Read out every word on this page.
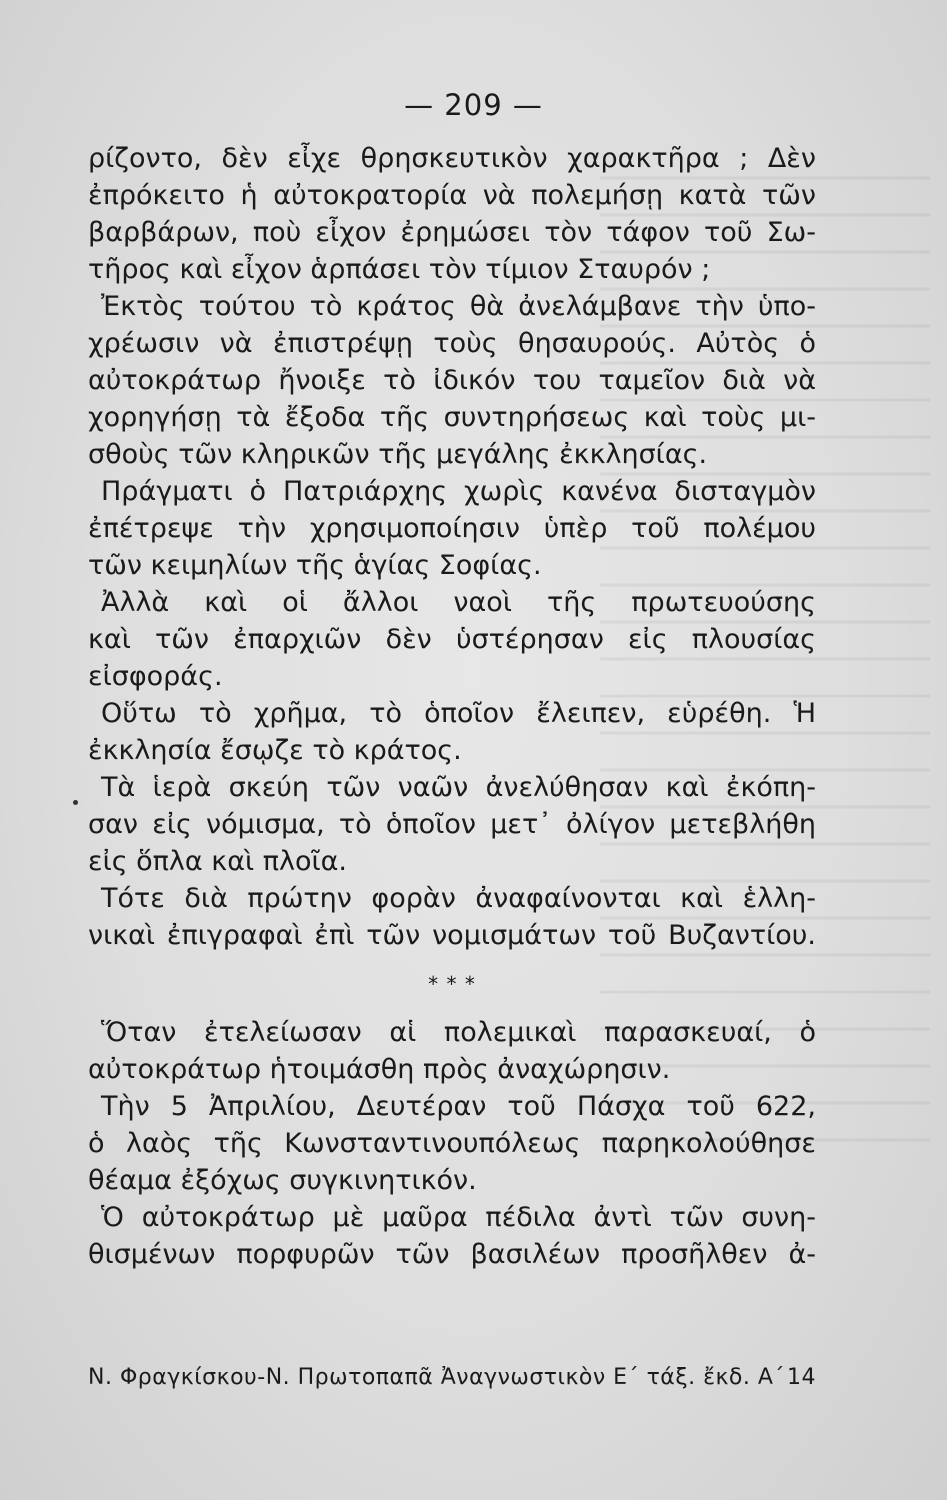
— 209 —
ρίζοντο, δὲν εἶχε θρησκευτικὸν χαρακτῆρα ; Δὲν
ἐπρόκειτο ἡ αὐτοκρατορία νὰ πολεμήσῃ κατὰ τῶν
βαρβάρων, ποὺ εἶχον ἐρημώσει τὸν τάφον τοῦ Σω-
τῆρος καὶ εἶχον ἁρπάσει τὸν τίμιον Σταυρόν ;
Ἐκτὸς τούτου τὸ κράτος θὰ ἀνελάμβανε τὴν ὑπο-
χρέωσιν νὰ ἐπιστρέψῃ τοὺς θησαυρούς. Αὐτὸς ὁ
αὐτοκράτωρ ἤνοιξε τὸ ἰδικόν του ταμεῖον διὰ νὰ
χορηγήσῃ τὰ ἔξοδα τῆς συντηρήσεως καὶ τοὺς μι-
σθοὺς τῶν κληρικῶν τῆς μεγάλης ἐκκλησίας.
Πράγματι ὁ Πατριάρχης χωρὶς κανένα δισταγμὸν
ἐπέτρεψε τὴν χρησιμοποίησιν ὑπὲρ τοῦ πολέμου
τῶν κειμηλίων τῆς ἁγίας Σοφίας.
Ἀλλὰ καὶ οἱ ἄλλοι ναοὶ τῆς πρωτευούσης
καὶ τῶν ἐπαρχιῶν δὲν ὑστέρησαν εἰς πλουσίας
εἰσφοράς.
Οὕτω τὸ χρῆμα, τὸ ὁποῖον ἔλειπεν, εὑρέθη. Ἡ
ἐκκλησία ἔσῳζε τὸ κράτος.
Τὰ ἱερὰ σκεύη τῶν ναῶν ἀνελύθησαν καὶ ἐκόπη-
σαν εἰς νόμισμα, τὸ ὁποῖον μετ᾽ ὀλίγον μετεβλήθη
εἰς ὅπλα καὶ πλοῖα.
Τότε διὰ πρώτην φορὰν ἀναφαίνονται καὶ ἑλλη-
νικαὶ ἐπιγραφαὶ ἐπὶ τῶν νομισμάτων τοῦ Βυζαντίου.
* * *
Ὅταν ἐτελείωσαν αἱ πολεμικαὶ παρασκευαί, ὁ
αὐτοκράτωρ ἡτοιμάσθη πρὸς ἀναχώρησιν.
Τὴν 5 Ἀπριλίου, Δευτέραν τοῦ Πάσχα τοῦ 622,
ὁ λαὸς τῆς Κωνσταντινουπόλεως παρηκολούθησε
θέαμα ἐξόχως συγκινητικόν.
Ὁ αὐτοκράτωρ μὲ μαῦρα πέδιλα ἀντὶ τῶν συνη-
θισμένων πορφυρῶν τῶν βασιλέων προσῆλθεν ἀ-
Ν. Φραγκίσκου-Ν. Πρωτοπαπᾶ Ἀναγνωστικὸν Ε΄ τάξ. ἔκδ. Α΄ 14
